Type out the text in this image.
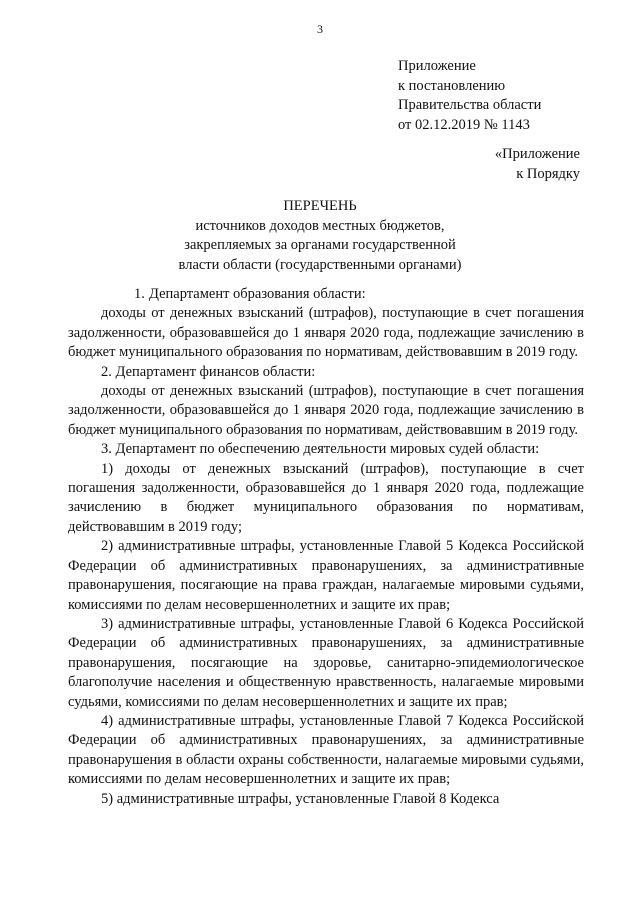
3
Приложение
к постановлению
Правительства области
от 02.12.2019 № 1143
«Приложение
к Порядку
ПЕРЕЧЕНЬ
источников доходов местных бюджетов,
закрепляемых за органами государственной
власти области (государственными органами)

1. Департамент образования области:

доходы от денежных взысканий (штрафов), поступающие в счет погашения задолженности, образовавшейся до 1 января 2020 года, подлежащие зачислению в бюджет муниципального образования по нормативам, действовавшим в 2019 году.

2. Департамент финансов области:

доходы от денежных взысканий (штрафов), поступающие в счет погашения задолженности, образовавшейся до 1 января 2020 года, подлежащие зачислению в бюджет муниципального образования по нормативам, действовавшим в 2019 году.

3. Департамент по обеспечению деятельности мировых судей области:

1) доходы от денежных взысканий (штрафов), поступающие в счет погашения задолженности, образовавшейся до 1 января 2020 года, подлежащие зачислению в бюджет муниципального образования по нормативам, действовавшим в 2019 году;

2) административные штрафы, установленные Главой 5 Кодекса Российской Федерации об административных правонарушениях, за административные правонарушения, посягающие на права граждан, налагаемые мировыми судьями, комиссиями по делам несовершеннолетних и защите их прав;

3) административные штрафы, установленные Главой 6 Кодекса Российской Федерации об административных правонарушениях, за административные правонарушения, посягающие на здоровье, санитарно-эпидемиологическое благополучие населения и общественную нравственность, налагаемые мировыми судьями, комиссиями по делам несовершеннолетних и защите их прав;

4) административные штрафы, установленные Главой 7 Кодекса Российской Федерации об административных правонарушениях, за административные правонарушения в области охраны собственности, налагаемые мировыми судьями, комиссиями по делам несовершеннолетних и защите их прав;

5) административные штрафы, установленные Главой 8 Кодекса
